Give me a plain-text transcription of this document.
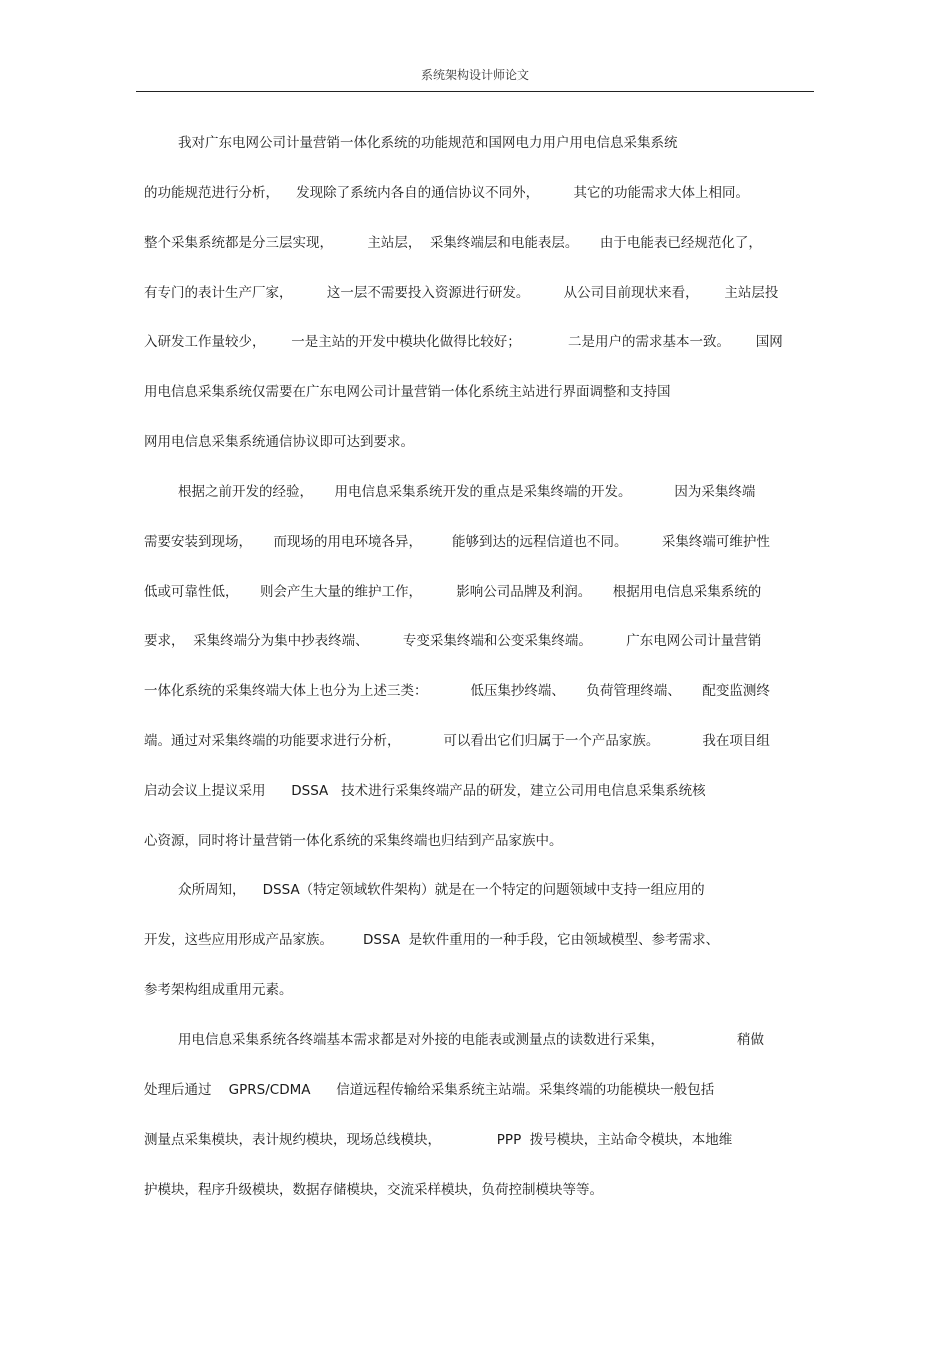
系统架构设计师论文
我对广东电网公司计量营销一体化系统的功能规范和国网电力用户用电信息采集系统
的功能规范进行分析，    发现除了系统内各自的通信协议不同外，        其它的功能需求大体上相同。
整个采集系统都是分三层实现，        主站层，  采集终端层和电能表层。     由于电能表已经规范化了，
有专门的表计生产厂家，        这一层不需要投入资源进行研发。        从公司目前现状来看，      主站层投
入研发工作量较少，      一是主站的开发中模块化做得比较好；           二是用户的需求基本一致。      国网
用电信息采集系统仅需要在广东电网公司计量营销一体化系统主站进行界面调整和支持国
网用电信息采集系统通信协议即可达到要求。
根据之前开发的经验，     用电信息采集系统开发的重点是采集终端的开发。          因为采集终端
需要安装到现场，     而现场的用电环境各异，       能够到达的远程信道也不同。        采集终端可维护性
低或可靠性低，     则会产生大量的维护工作，        影响公司品牌及利润。     根据用电信息采集系统的
要求，  采集终端分为集中抄表终端、        专变采集终端和公变采集终端。        广东电网公司计量营销
一体化系统的采集终端大体上也分为上述三类：          低压集抄终端、     负荷管理终端、     配变监测终
端。通过对采集终端的功能要求进行分析，          可以看出它们归属于一个产品家族。          我在项目组
启动会议上提议采用      DSSA   技术进行采集终端产品的研发，建立公司用电信息采集系统核
心资源，同时将计量营销一体化系统的采集终端也归结到产品家族中。
众所周知，    DSSA（特定领域软件架构）就是在一个特定的问题领域中支持一组应用的
开发，这些应用形成产品家族。       DSSA  是软件重用的一种手段，它由领域模型、参考需求、
参考架构组成重用元素。
用电信息采集系统各终端基本需求都是对外接的电能表或测量点的读数进行采集，                 稍做
处理后通过    GPRS/CDMA      信道远程传输给采集系统主站端。采集终端的功能模块一般包括
测量点采集模块，表计规约模块，现场总线模块，             PPP  拨号模块，主站命令模块，本地维
护模块，程序升级模块，数据存储模块，交流采样模块，负荷控制模块等等。
